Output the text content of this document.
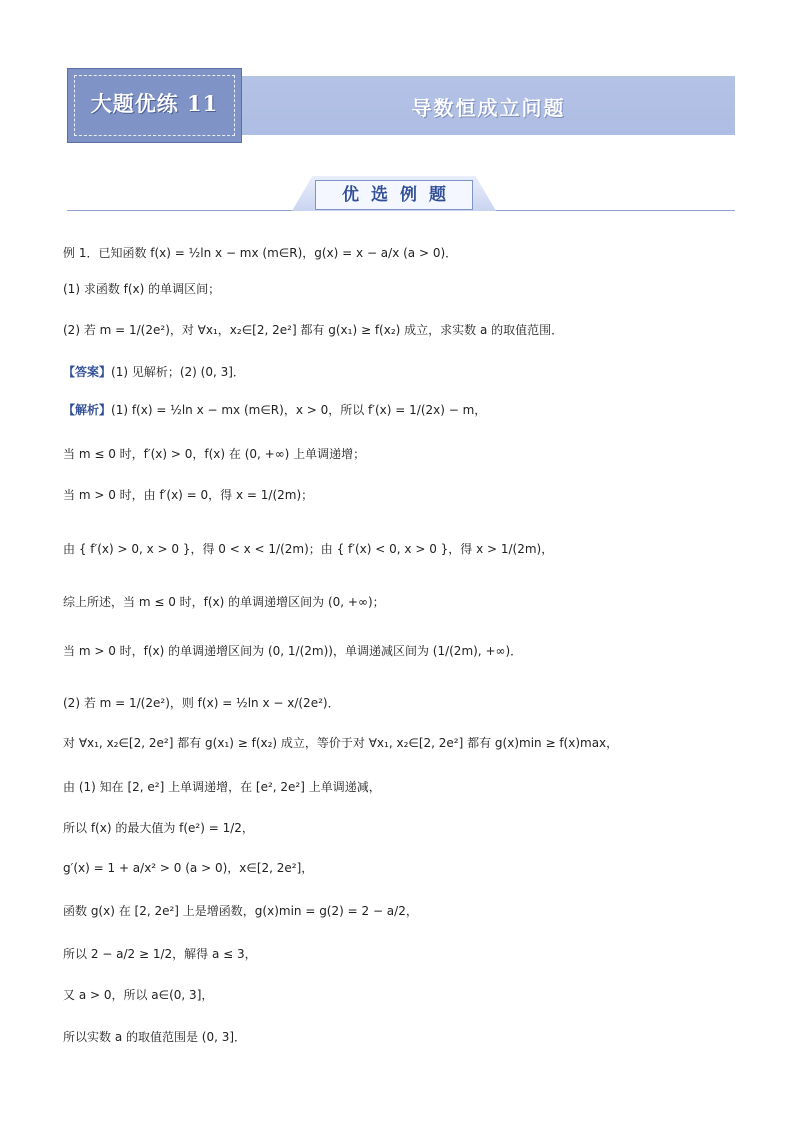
大题优练 11	导数恒成立问题
优选例题
例 1．已知函数 f(x) = ½ln x − mx (m∈R)，g(x) = x − a/x (a > 0)．
(1) 求函数 f(x) 的单调区间；
(2) 若 m = 1/(2e²)，对 ∀x₁，x₂∈[2, 2e²] 都有 g(x₁) ≥ f(x₂) 成立，求实数 a 的取值范围．
【答案】(1) 见解析；(2) (0, 3]．
【解析】(1) f(x) = ½ln x − mx (m∈R)，x > 0，所以 f′(x) = 1/(2x) − m，
当 m ≤ 0 时，f′(x) > 0，f(x) 在 (0, +∞) 上单调递增；
当 m > 0 时，由 f′(x) = 0，得 x = 1/(2m)；
由 { f′(x) > 0, x > 0 }，得 0 < x < 1/(2m)；由 { f′(x) < 0, x > 0 }，得 x > 1/(2m)，
综上所述，当 m ≤ 0 时，f(x) 的单调递增区间为 (0, +∞)；
当 m > 0 时，f(x) 的单调递增区间为 (0, 1/(2m))，单调递减区间为 (1/(2m), +∞)．
(2) 若 m = 1/(2e²)，则 f(x) = ½ln x − x/(2e²)．
对 ∀x₁, x₂∈[2, 2e²] 都有 g(x₁) ≥ f(x₂) 成立，等价于对 ∀x₁, x₂∈[2, 2e²] 都有 g(x)min ≥ f(x)max，
由 (1) 知在 [2, e²] 上单调递增，在 [e², 2e²] 上单调递减，
所以 f(x) 的最大值为 f(e²) = 1/2，
g′(x) = 1 + a/x² > 0 (a > 0)，x∈[2, 2e²]，
函数 g(x) 在 [2, 2e²] 上是增函数，g(x)min = g(2) = 2 − a/2，
所以 2 − a/2 ≥ 1/2，解得 a ≤ 3，
又 a > 0，所以 a∈(0, 3]，
所以实数 a 的取值范围是 (0, 3]．
